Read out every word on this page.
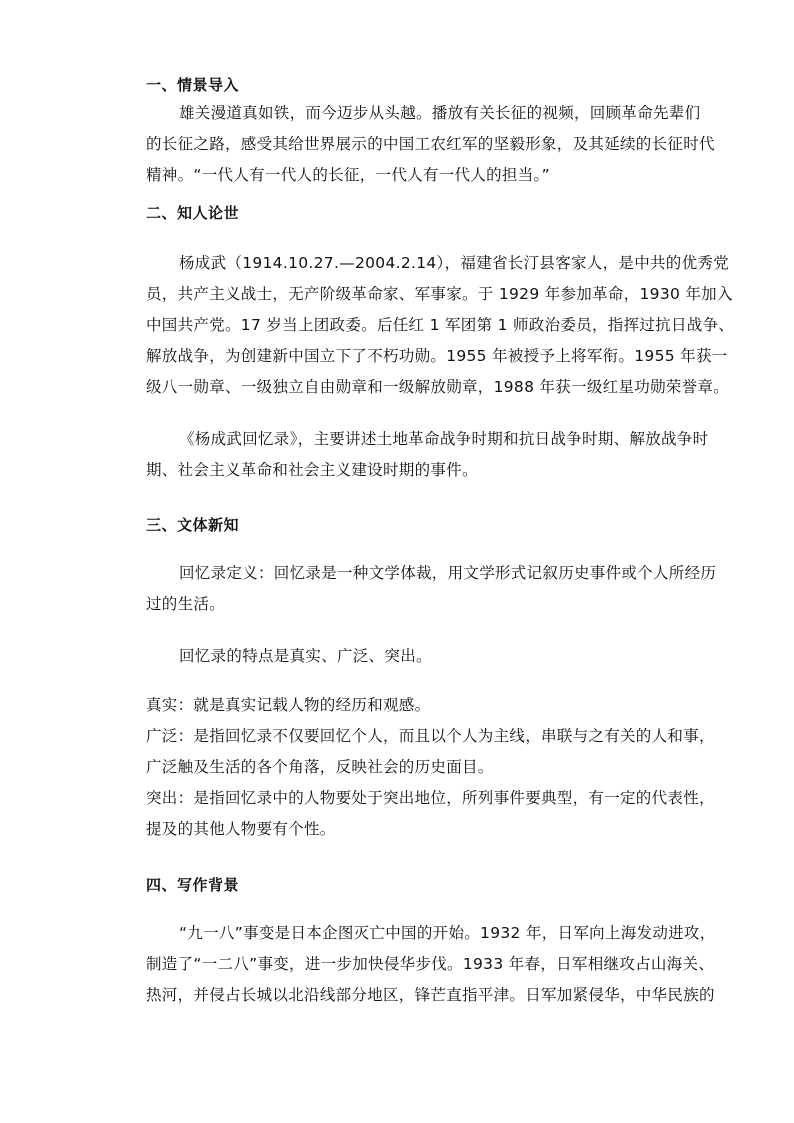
一、情景导入
雄关漫道真如铁，而今迈步从头越。播放有关长征的视频，回顾革命先辈们
的长征之路，感受其给世界展示的中国工农红军的坚毅形象，及其延续的长征时代
精神。“一代人有一代人的长征，一代人有一代人的担当。”
二、知人论世
杨成武（1914.10.27.—2004.2.14），福建省长汀县客家人，是中共的优秀党
员，共产主义战士，无产阶级革命家、军事家。于 1929 年参加革命，1930 年加入
中国共产党。17 岁当上团政委。后任红 1 军团第 1 师政治委员，指挥过抗日战争、
解放战争，为创建新中国立下了不朽功勋。1955 年被授予上将军衔。1955 年获一
级八一勋章、一级独立自由勋章和一级解放勋章，1988 年获一级红星功勋荣誉章。
《杨成武回忆录》，主要讲述土地革命战争时期和抗日战争时期、解放战争时
期、社会主义革命和社会主义建设时期的事件。
三、文体新知
回忆录定义：回忆录是一种文学体裁，用文学形式记叙历史事件或个人所经历
过的生活。
回忆录的特点是真实、广泛、突出。
真实：就是真实记载人物的经历和观感。
广泛：是指回忆录不仅要回忆个人，而且以个人为主线，串联与之有关的人和事，
广泛触及生活的各个角落，反映社会的历史面目。
突出：是指回忆录中的人物要处于突出地位，所列事件要典型，有一定的代表性，
提及的其他人物要有个性。
四、写作背景
“九一八”事变是日本企图灭亡中国的开始。1932 年，日军向上海发动进攻，
制造了“一二八”事变，进一步加快侵华步伐。1933 年春，日军相继攻占山海关、
热河，并侵占长城以北沿线部分地区，锋芒直指平津。日军加紧侵华，中华民族的
